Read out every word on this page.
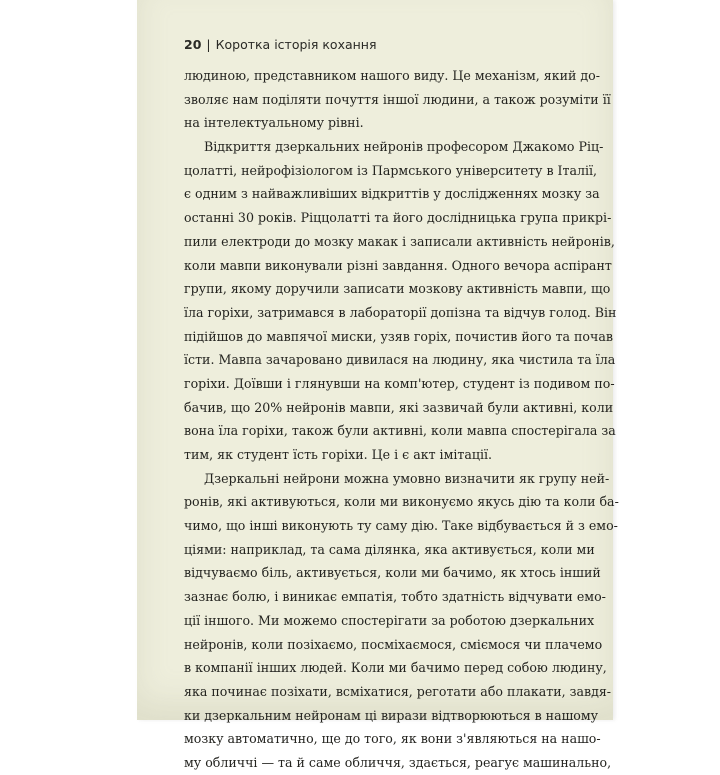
20 | Коротка історія кохання
людиною, представником нашого виду. Це механізм, який до-
зволяє нам поділяти почуття іншої людини, а також розуміти її
на інтелектуальному рівні.
Відкриття дзеркальних нейронів професором Джакомо Ріц-
цолатті, нейрофізіологом із Пармського університету в Італії,
є одним з найважливіших відкриттів у дослідженнях мозку за
останні 30 років. Ріццолатті та його дослідницька група прикрі-
пили електроди до мозку макак і записали активність нейронів,
коли мавпи виконували різні завдання. Одного вечора аспірант
групи, якому доручили записати мозкову активність мавпи, що
їла горіхи, затримався в лабораторії допізна та відчув голод. Він
підійшов до мавпячої миски, узяв горіх, почистив його та почав
їсти. Мавпа зачаровано дивилася на людину, яка чистила та їла
горіхи. Доївши і глянувши на комп'ютер, студент із подивом по-
бачив, що 20% нейронів мавпи, які зазвичай були активні, коли
вона їла горіхи, також були активні, коли мавпа спостерігала за
тим, як студент їсть горіхи. Це і є акт імітації.
Дзеркальні нейрони можна умовно визначити як групу ней-
ронів, які активуються, коли ми виконуємо якусь дію та коли ба-
чимо, що інші виконують ту саму дію. Таке відбувається й з емо-
ціями: наприклад, та сама ділянка, яка активується, коли ми
відчуваємо біль, активується, коли ми бачимо, як хтось інший
зазнає болю, і виникає емпатія, тобто здатність відчувати емо-
ції іншого. Ми можемо спостерігати за роботою дзеркальних
нейронів, коли позіхаємо, посміхаємося, сміємося чи плачемо
в компанії інших людей. Коли ми бачимо перед собою людину,
яка починає позіхати, всміхатися, реготати або плакати, завдя-
ки дзеркальним нейронам ці вирази відтворюються в нашому
мозку автоматично, ще до того, як вони з'являються на нашо-
му обличчі — та й саме обличчя, здається, реагує машинально,
